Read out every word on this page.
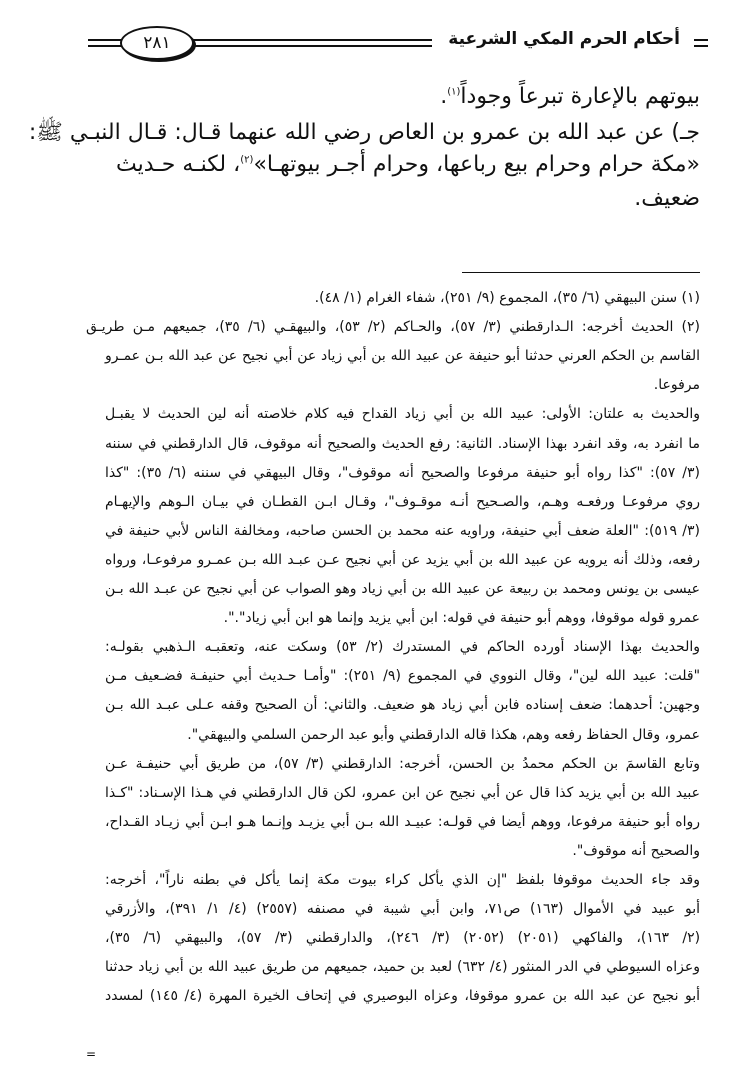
أحكام الحرم المكي الشرعية
٢٨١
بيوتهم بالإعارة تبرعاً وجوداً$^{(١)}$.
جـ) عن عبد الله بن عمرو بن العاص رضي الله عنهما قـال: قـال النبـي ﷺ:
«مكة حرام وحرام بيع رباعها، وحرام أجـر بيوتهـا»$^{(٢)}$، لكنـه حـديث
ضعيف.
(١) سنن البيهقي (٦/ ٣٥)، المجموع (٩/ ٢٥١)، شفاء الغرام (١/ ٤٨).
(٢) الحديث أخرجه: الـدارقطني (٣/ ٥٧)، والحـاكم (٢/ ٥٣)، والبيهقـي (٦/ ٣٥)، جميعهم مـن طريـق
القاسم بن الحكم العرني حدثنا أبو حنيفة عن عبيد الله بن أبي زياد عن أبي نجيح عن عبد الله بـن عمـرو
مرفوعا.
والحديث به علتان: الأولى: عبيد الله بن أبي زياد القداح فيه كلام خلاصته أنه لين الحديث لا يقبـل
ما انفرد به، وقد انفرد بهذا الإسناد. الثانية: رفع الحديث والصحيح أنه موقوف، قال الدارقطني في سننه
(٣/ ٥٧): "كذا رواه أبو حنيفة مرفوعا والصحيح أنه موقوف"، وقال البيهقي في سننه (٦/ ٣٥): "كذا
روي مرفوعـا ورفعـه وهـم، والصـحيح أنـه موقـوف"، وقـال ابـن القطـان في بيـان الـوهم والإيهـام
(٣/ ٥١٩): "العلة ضعف أبي حنيفة، وراويه عنه محمد بن الحسن صاحبه، ومخالفة الناس لأبي حنيفة في
رفعه، وذلك أنه يرويه عن عبيد الله بن أبي يزيد عن أبي نجيح عـن عبـد الله بـن عمـرو مرفوعـا، ورواه
عيسى بن يونس ومحمد بن ربيعة عن عبيد الله بن أبي زياد وهو الصواب عن أبي نجيح عن عبـد الله بـن
عمرو قوله موقوفا، ووهم أبو حنيفة في قوله: ابن أبي يزيد وإنما هو ابن أبي زياد".".
والحديث بهذا الإسناد أورده الحاكم في المستدرك (٢/ ٥٣) وسكت عنه، وتعقبـه الـذهبي بقولـه:
"قلت: عبيد الله لين"، وقال النووي في المجموع (٩/ ٢٥١): "وأمـا حـديث أبي حنيفـة فضـعيف مـن
وجهين: أحدهما: ضعف إسناده فابن أبي زياد هو ضعيف. والثاني: أن الصحيح وقفه عـلى عبـد الله بـن
عمرو، وقال الحفاظ رفعه وهم، هكذا قاله الدارقطني وأبو عبد الرحمن السلمي والبيهقي".
وتابع القاسمَ بن الحكم محمدُ بن الحسن، أخرجه: الدارقطني (٣/ ٥٧)، من طريق أبي حنيفـة عـن
عبيد الله بن أبي يزيد كذا قال عن أبي نجيح عن ابن عمرو، لكن قال الدارقطني في هـذا الإسـناد: "كـذا
رواه أبو حنيفة مرفوعا، ووهم أيضا في قولـه: عبيـد الله بـن أبي يزيـد وإنـما هـو ابـن أبي زيـاد القـداح،
والصحيح أنه موقوف".
وقد جاء الحديث موقوفا بلفظ "إن الذي يأكل كراء بيوت مكة إنما يأكل في بطنه ناراً"، أخرجه:
أبو عبيد في الأموال (١٦٣) ص٧١، وابن أبي شيبة في مصنفه (٢٥٥٧) (٤/ ١/ ٣٩١)، والأزرقي
(٢/ ١٦٣)، والفاكهي (٢٠٥١) (٢٠٥٢) (٣/ ٢٤٦)، والدارقطني (٣/ ٥٧)، والبيهقي (٦/ ٣٥)،
وعزاه السيوطي في الدر المنثور (٤/ ٦٣٢) لعبد بن حميد، جميعهم من طريق عبيد الله بن أبي زياد حدثنا
أبو نجيح عن عبد الله بن عمرو موقوفا، وعزاه البوصيري في إتحاف الخيرة المهرة (٤/ ١٤٥) لمسدد
=
